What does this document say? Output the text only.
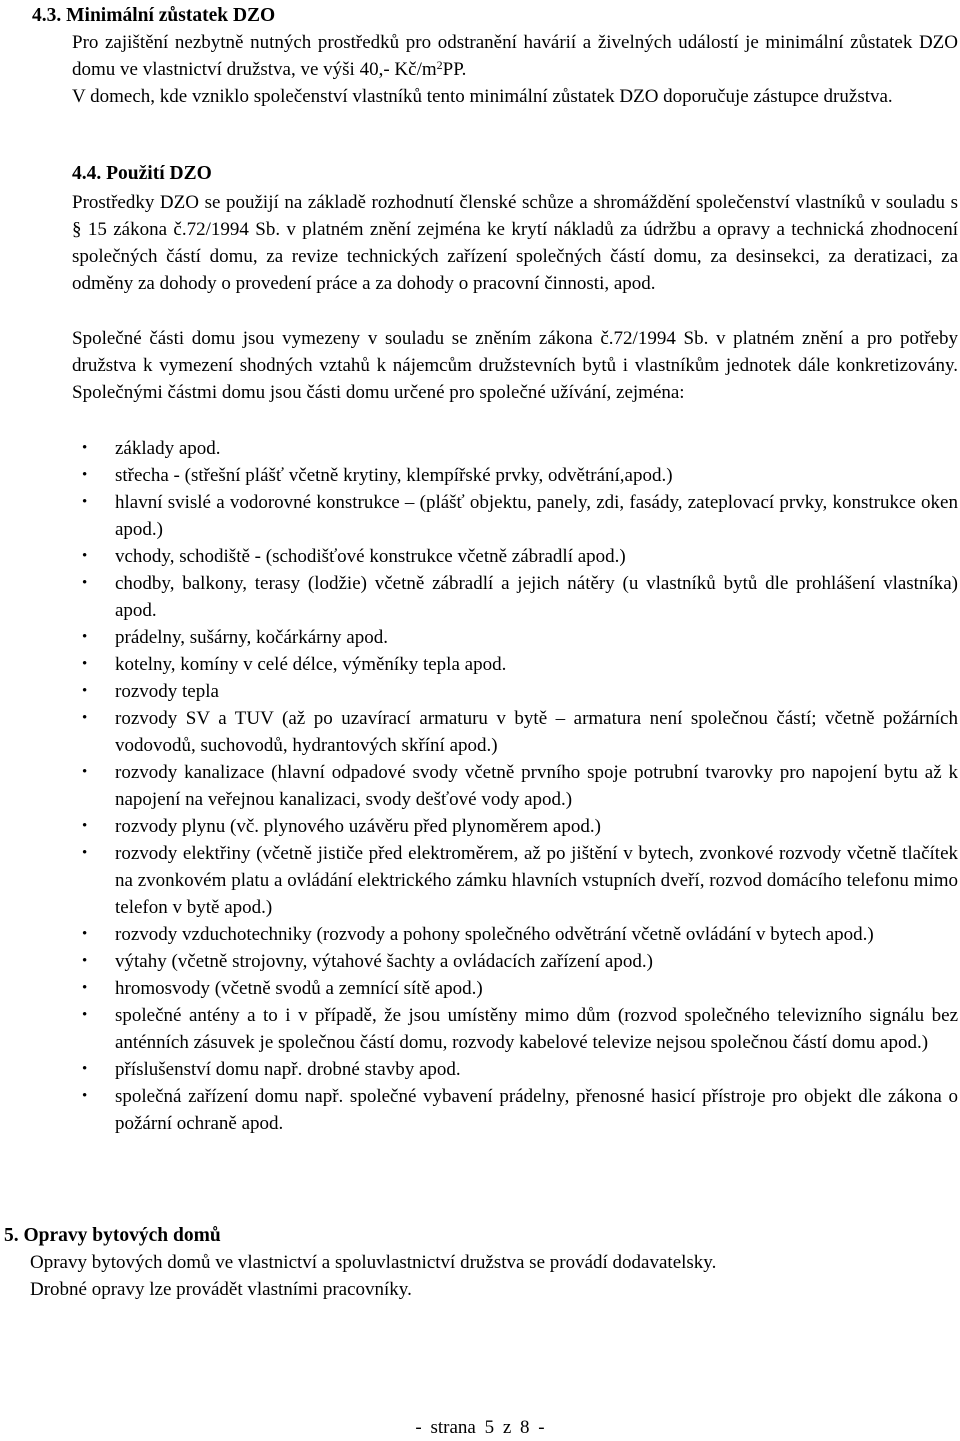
4.3. Minimální zůstatek DZO

Pro zajištění nezbytně nutných prostředků pro odstranění havárií a živelných událostí je minimální zůstatek DZO domu ve vlastnictví družstva, ve výši 40,- $Kč/m^2PP$.

V domech, kde vzniklo společenství vlastníků tento minimální zůstatek DZO doporučuje zástupce družstva.

4.4. Použití DZO

Prostředky DZO se použijí na základě rozhodnutí členské schůze a shromáždění společenství vlastníků v souladu s § 15 zákona č.72/1994 Sb. v platném znění zejména ke krytí nákladů za údržbu a opravy a technická zhodnocení společných částí domu, za revize technických zařízení společných částí domu, za desinsekci, za deratizaci, za odměny za dohody o provedení práce a za dohody o pracovní činnosti, apod.

Společné části domu jsou vymezeny v souladu se zněním zákona č.72/1994 Sb. v platném znění a pro potřeby družstva k vymezení shodných vztahů k nájemcům družstevních bytů i vlastníkům jednotek dále konkretizovány. Společnými částmi domu jsou části domu určené pro společné užívání, zejména:

• základy apod.
• střecha - (střešní plášť včetně krytiny, klempířské prvky, odvětrání,apod.)
• hlavní svislé a vodorovné konstrukce – (plášť objektu, panely, zdi, fasády, zateplovací prvky, konstrukce oken apod.)
• vchody, schodiště - (schodišťové konstrukce včetně zábradlí apod.)
• chodby, balkony, terasy (lodžie) včetně zábradlí a jejich nátěry (u vlastníků bytů dle prohlášení vlastníka) apod.
• prádelny, sušárny, kočárkárny apod.
• kotelny, komíny v celé délce, výměníky tepla apod.
• rozvody tepla
• rozvody SV a TUV (až po uzavírací armaturu v bytě – armatura není společnou částí; včetně požárních vodovodů, suchovodů, hydrantových skříní apod.)
• rozvody kanalizace (hlavní odpadové svody včetně prvního spoje potrubní tvarovky pro napojení bytu až k napojení na veřejnou kanalizaci, svody dešťové vody apod.)
• rozvody plynu (vč. plynového uzávěru před plynoměrem apod.)
• rozvody elektřiny (včetně jističe před elektroměrem, až po jištění v bytech, zvonkové rozvody včetně tlačítek na zvonkovém platu a ovládání elektrického zámku hlavních vstupních dveří, rozvod domácího telefonu mimo telefon v bytě apod.)
• rozvody vzduchotechniky (rozvody a pohony společného odvětrání včetně ovládání v bytech apod.)
• výtahy (včetně strojovny, výtahové šachty a ovládacích zařízení apod.)
• hromosvody (včetně svodů a zemnící sítě apod.)
• společné antény a to i v případě, že jsou umístěny mimo dům (rozvod společného televizního signálu bez anténních zásuvek je společnou částí domu, rozvody kabelové televize nejsou společnou částí domu apod.)
• příslušenství domu např. drobné stavby apod.
• společná zařízení domu např. společné vybavení prádelny, přenosné hasicí přístroje pro objekt dle zákona o požární ochraně apod.
5. Opravy bytových domů

Opravy bytových domů ve vlastnictví a spoluvlastnictví družstva se provádí dodavatelsky.

Drobné opravy lze provádět vlastními pracovníky.

- strana 5 z 8 -
